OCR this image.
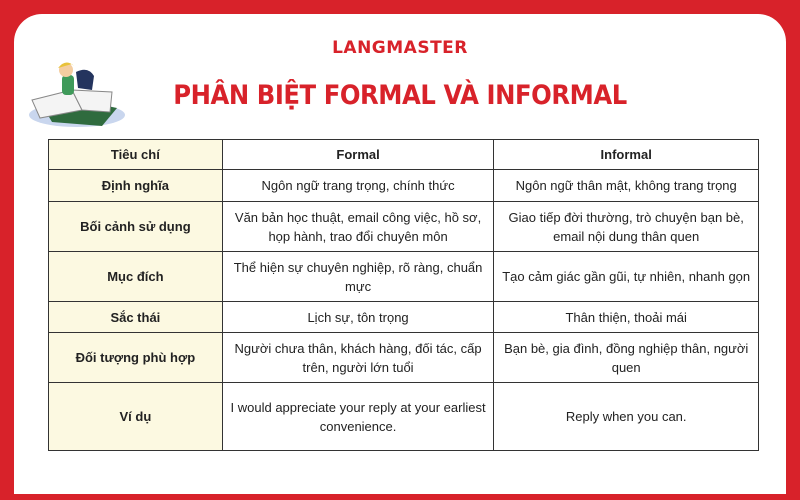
LANGMASTER
PHÂN BIỆT FORMAL VÀ INFORMAL
Tiêu chí	Formal	Informal
Định nghĩa	Ngôn ngữ trang trọng, chính thức	Ngôn ngữ thân mật, không trang trọng
Bối cảnh sử dụng	Văn bản học thuật, email công việc, hồ sơ, họp hành, trao đổi chuyên môn	Giao tiếp đời thường, trò chuyện bạn bè, email nội dung thân quen
Mục đích	Thể hiện sự chuyên nghiệp, rõ ràng, chuẩn mực	Tạo cảm giác gần gũi, tự nhiên, nhanh gọn
Sắc thái	Lịch sự, tôn trọng	Thân thiện, thoải mái
Đối tượng phù hợp	Người chưa thân, khách hàng, đối tác, cấp trên, người lớn tuổi	Bạn bè, gia đình, đồng nghiệp thân, người quen
Ví dụ	I would appreciate your reply at your earliest convenience.	Reply when you can.
